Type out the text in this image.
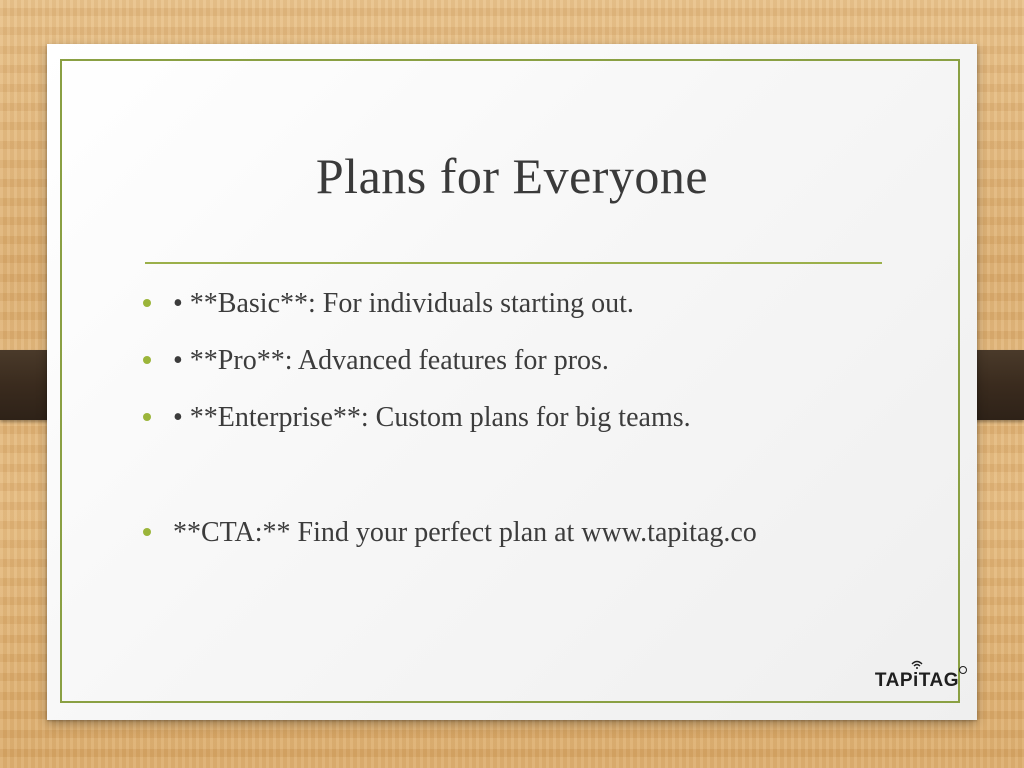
Plans for Everyone
• **Basic**: For individuals starting out.
• **Pro**: Advanced features for pros.
• **Enterprise**: Custom plans for big teams.
**CTA:** Find your perfect plan at www.tapitag.co
TAPiTAG
